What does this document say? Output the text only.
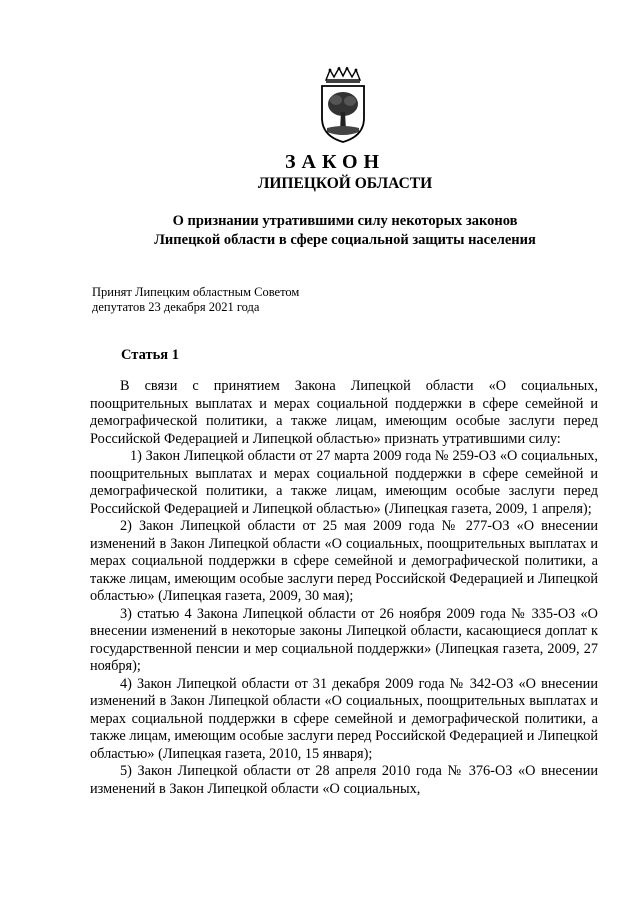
ЗАКОН
ЛИПЕЦКОЙ ОБЛАСТИ
О признании утратившими силу некоторых законов
Липецкой области в сфере социальной защиты населения
Принят Липецким областным Советом
депутатов 23 декабря 2021 года
Статья 1

В связи с принятием Закона Липецкой области «О социальных, поощрительных выплатах и мерах социальной поддержки в сфере семейной и демографической политики, а также лицам, имеющим особые заслуги перед Российской Федерацией и Липецкой областью» признать утратившими силу:

1) Закон Липецкой области от 27 марта 2009 года № 259-ОЗ «О социальных, поощрительных выплатах и мерах социальной поддержки в сфере семейной и демографической политики, а также лицам, имеющим особые заслуги перед Российской Федерацией и Липецкой областью» (Липецкая газета, 2009, 1 апреля);

2) Закон Липецкой области от 25 мая 2009 года № 277-ОЗ «О внесении изменений в Закон Липецкой области «О социальных, поощрительных выплатах и мерах социальной поддержки в сфере семейной и демографической политики, а также лицам, имеющим особые заслуги перед Российской Федерацией и Липецкой областью» (Липецкая газета, 2009, 30 мая);

3) статью 4 Закона Липецкой области от 26 ноября 2009 года № 335-ОЗ «О внесении изменений в некоторые законы Липецкой области, касающиеся доплат к государственной пенсии и мер социальной поддержки» (Липецкая газета, 2009, 27 ноября);

4) Закон Липецкой области от 31 декабря 2009 года № 342-ОЗ «О внесении изменений в Закон Липецкой области «О социальных, поощрительных выплатах и мерах социальной поддержки в сфере семейной и демографической политики, а также лицам, имеющим особые заслуги перед Российской Федерацией и Липецкой областью» (Липецкая газета, 2010, 15 января);

5) Закон Липецкой области от 28 апреля 2010 года № 376-ОЗ «О внесении изменений в Закон Липецкой области «О социальных,
